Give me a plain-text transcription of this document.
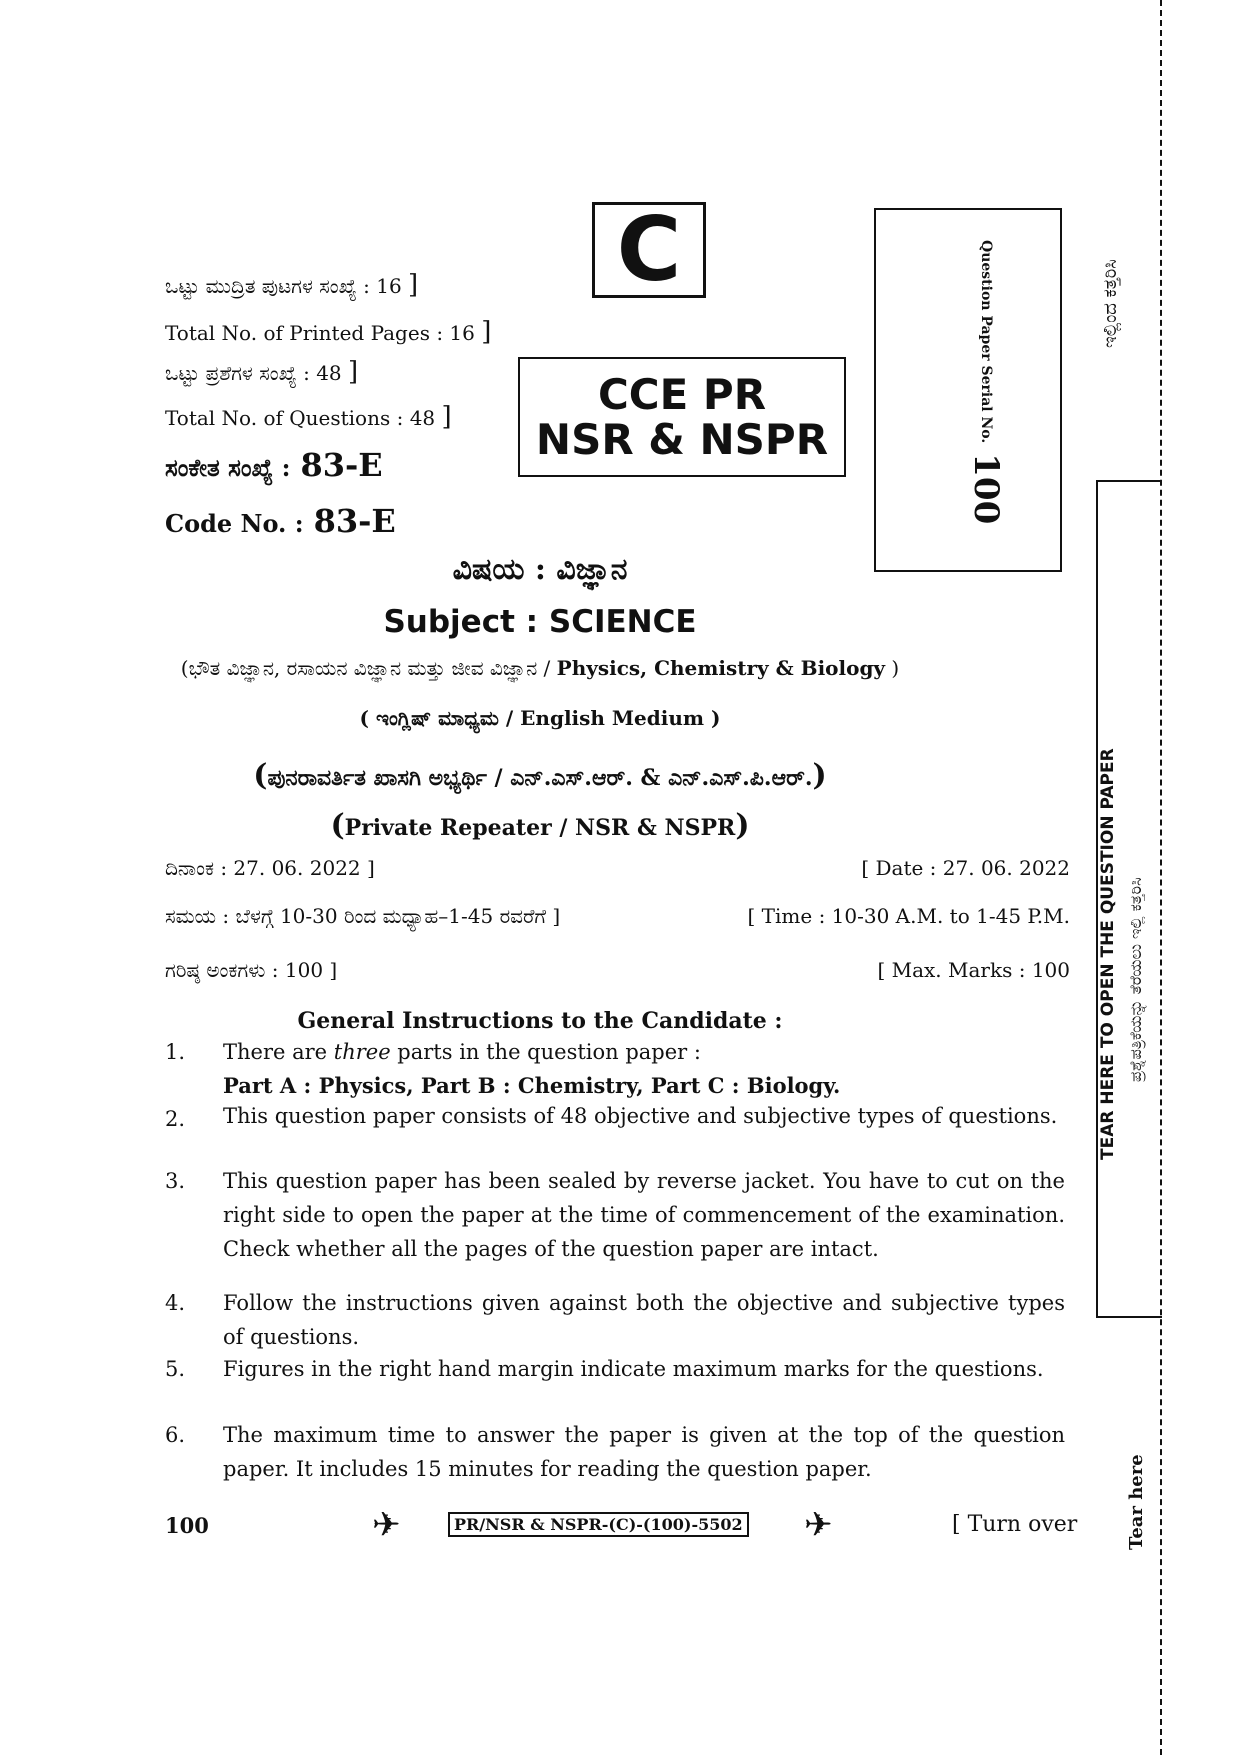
ಒಟ್ಟು ಮುದ್ರಿತ ಪುಟಗಳ ಸಂಖ್ಯೆ : 16 ]
Total No. of Printed Pages : 16 ]
ಒಟ್ಟು ಪ್ರಶೆಗಳ ಸಂಖ್ಯೆ : 48 ]
Total No. of Questions : 48 ]
ಸಂಕೇತ ಸಂಖ್ಯೆ : 83-E
Code No. : 83-E
C
CCE PR
NSR & NSPR	Question Paper Serial No.
100
ವಿಷಯ : ವಿಜ್ಞಾನ
Subject : SCIENCE
(ಭೌತ ವಿಜ್ಞಾನ, ರಸಾಯನ ವಿಜ್ಞಾನ ಮತ್ತು ಜೀವ ವಿಜ್ಞಾನ / Physics, Chemistry & Biology )
( ಇಂಗ್ಲಿಷ್ ಮಾಧ್ಯಮ / English Medium )
(ಪುನರಾವರ್ತಿತ ಖಾಸಗಿ ಅಭ್ಯರ್ಥಿ / ಎನ್.ಎಸ್.ಆರ್. & ಎನ್.ಎಸ್.ಪಿ.ಆರ್.)
(Private Repeater / NSR & NSPR)
ದಿನಾಂಕ : 27. 06. 2022 ]	[ Date : 27. 06. 2022
ಸಮಯ : ಬೆಳಗ್ಗೆ 10-30 ರಿಂದ ಮಧ್ಯಾಹ–1-45 ರವರೆಗೆ ]	[ Time : 10-30 A.M. to 1-45 P.M.
ಗರಿಷ್ಠ ಅಂಕಗಳು : 100 ]	[ Max. Marks : 100
General Instructions to the Candidate :
1.	There are three parts in the question paper :
Part A : Physics, Part B : Chemistry, Part C : Biology.
2.	This question paper consists of 48 objective and subjective types of questions.
3.	This question paper has been sealed by reverse jacket. You have to cut on the right side to open the paper at the time of commencement of the examination. Check whether all the pages of the question paper are intact.
4.	Follow the instructions given against both the objective and subjective types of questions.
5.	Figures in the right hand margin indicate maximum marks for the questions.
6.	The maximum time to answer the paper is given at the top of the question paper. It includes 15 minutes for reading the question paper.
100	✈	PR/NSR & NSPR-(C)-(100)-5502 ✈	[ Turn over
ಇಲ್ಲಿಂದ ಕತ್ತರಿಸಿ
TEAR HERE TO OPEN THE QUESTION PAPER ಪ್ರಶ್ನೆಪತ್ರಿಕೆಯನ್ನು ತೆರೆಯಲು ಇಲ್ಲಿ ಕತ್ತರಿಸಿ
Tear here
